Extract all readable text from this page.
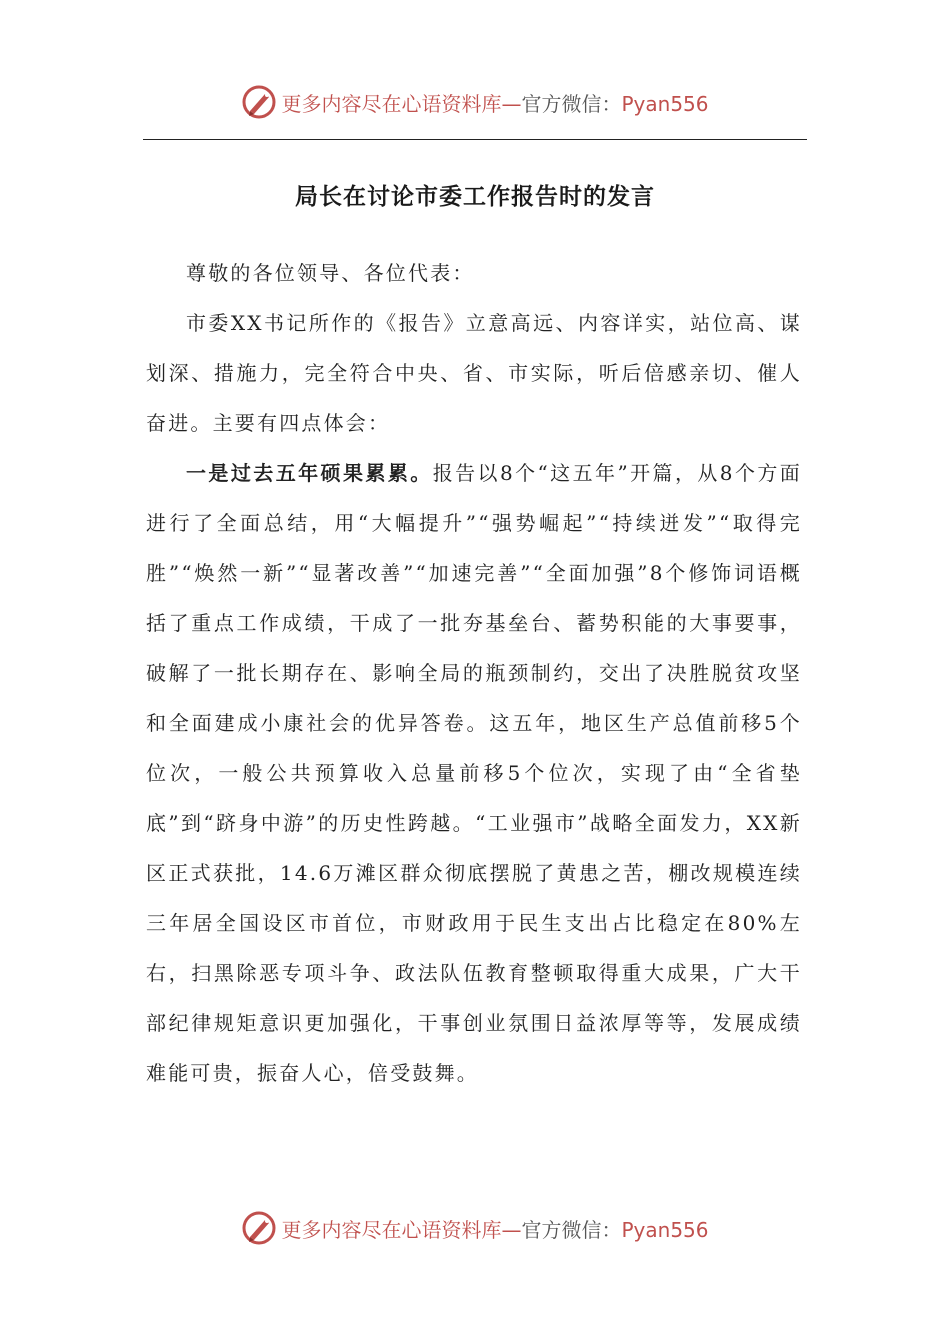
更多内容尽在心语资料库—官方微信：Pyan556
局长在讨论市委工作报告时的发言

尊敬的各位领导、各位代表：

市委XX书记所作的《报告》立意高远、内容详实，站位高、谋划深、措施力，完全符合中央、省、市实际，听后倍感亲切、催人奋进。主要有四点体会：

一是过去五年硕果累累。报告以8个“这五年”开篇，从8个方面进行了全面总结，用“大幅提升”“强势崛起”“持续迸发”“取得完胜”“焕然一新”“显著改善”“加速完善”“全面加强”8个修饰词语概括了重点工作成绩，干成了一批夯基垒台、蓄势积能的大事要事，破解了一批长期存在、影响全局的瓶颈制约，交出了决胜脱贫攻坚和全面建成小康社会的优异答卷。这五年，地区生产总值前移5个位次，一般公共预算收入总量前移5个位次，实现了由“全省垫底”到“跻身中游”的历史性跨越。“工业强市”战略全面发力，XX新区正式获批，14.6万滩区群众彻底摆脱了黄患之苦，棚改规模连续三年居全国设区市首位，市财政用于民生支出占比稳定在80%左右，扫黑除恶专项斗争、政法队伍教育整顿取得重大成果，广大干部纪律规矩意识更加强化，干事创业氛围日益浓厚等等，发展成绩难能可贵，振奋人心，倍受鼓舞。

更多内容尽在心语资料库—官方微信：Pyan556
